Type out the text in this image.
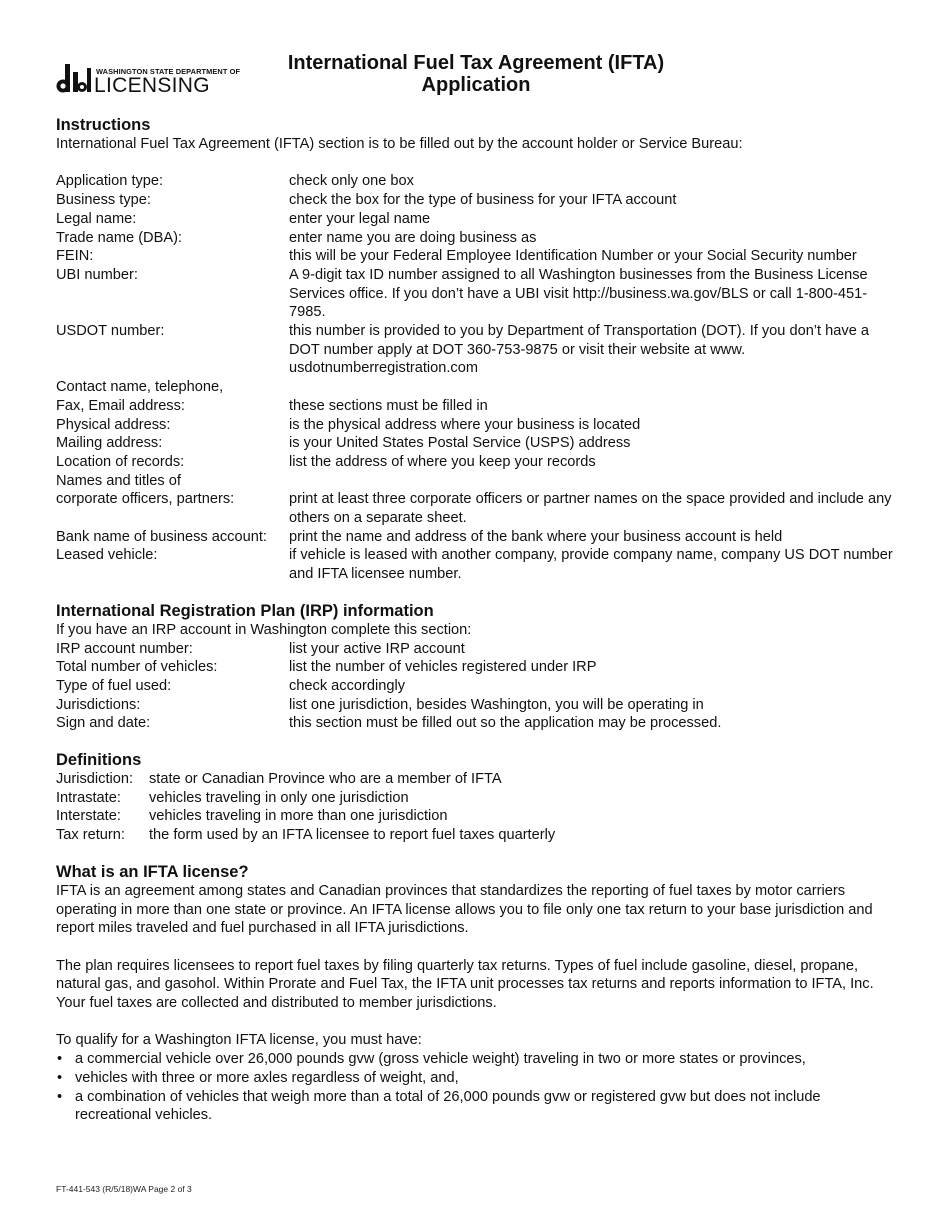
WASHINGTON STATE DEPARTMENT OF
LICENSING
International Fuel Tax Agreement (IFTA)
Application
Instructions

International Fuel Tax Agreement (IFTA) section is to be filled out by the account holder or Service Bureau:

Application type:	check only one box
Business type:	check the box for the type of business for your IFTA account
Legal name:	enter your legal name
Trade name (DBA):	enter name you are doing business as
FEIN:	this will be your Federal Employee Identification Number or your Social Security number
UBI number:	A 9-digit tax ID number assigned to all Washington businesses from the Business License Services office. If you don’t have a UBI visit http://business.wa.gov/BLS or call 1-800-451-7985.
USDOT number:	this number is provided to you by Department of Transportation (DOT). If you don’t have a DOT number apply at DOT 360-753-9875 or visit their website at www. usdotnumberregistration.com
Contact name, telephone,
Fax, Email address:	these sections must be filled in
Physical address:	is the physical address where your business is located
Mailing address:	is your United States Postal Service (USPS) address
Location of records:	list the address of where you keep your records
Names and titles of
corporate officers, partners:	print at least three corporate officers or partner names on the space provided and include any others on a separate sheet.
Bank name of business account:	print the name and address of the bank where your business account is held
Leased vehicle:	if vehicle is leased with another company, provide company name, company US DOT number and IFTA licensee number.
International Registration Plan (IRP) information

If you have an IRP account in Washington complete this section:

IRP account number:	list your active IRP account
Total number of vehicles:	list the number of vehicles registered under IRP
Type of fuel used:	check accordingly
Jurisdictions:	list one jurisdiction, besides Washington, you will be operating in
Sign and date:	this section must be filled out so the application may be processed.
Definitions
Jurisdiction:	state or Canadian Province who are a member of IFTA
Intrastate:	vehicles traveling in only one jurisdiction
Interstate:	vehicles traveling in more than one jurisdiction
Tax return:	the form used by an IFTA licensee to report fuel taxes quarterly
What is an IFTA license?

IFTA is an agreement among states and Canadian provinces that standardizes the reporting of fuel taxes by motor carriers operating in more than one state or province. An IFTA license allows you to file only one tax return to your base jurisdiction and report miles traveled and fuel purchased in all IFTA jurisdictions.

The plan requires licensees to report fuel taxes by filing quarterly tax returns. Types of fuel include gasoline, diesel, propane, natural gas, and gasohol. Within Prorate and Fuel Tax, the IFTA unit processes tax returns and reports information to IFTA, Inc. Your fuel taxes are collected and distributed to member jurisdictions.

To qualify for a Washington IFTA license, you must have:

• a commercial vehicle over 26,000 pounds gvw (gross vehicle weight) traveling in two or more states or provinces,
• vehicles with three or more axles regardless of weight, and,
• a combination of vehicles that weigh more than a total of 26,000 pounds gvw or registered gvw but does not include recreational vehicles.
FT-441-543 (R/5/18)WA Page 2 of 3
